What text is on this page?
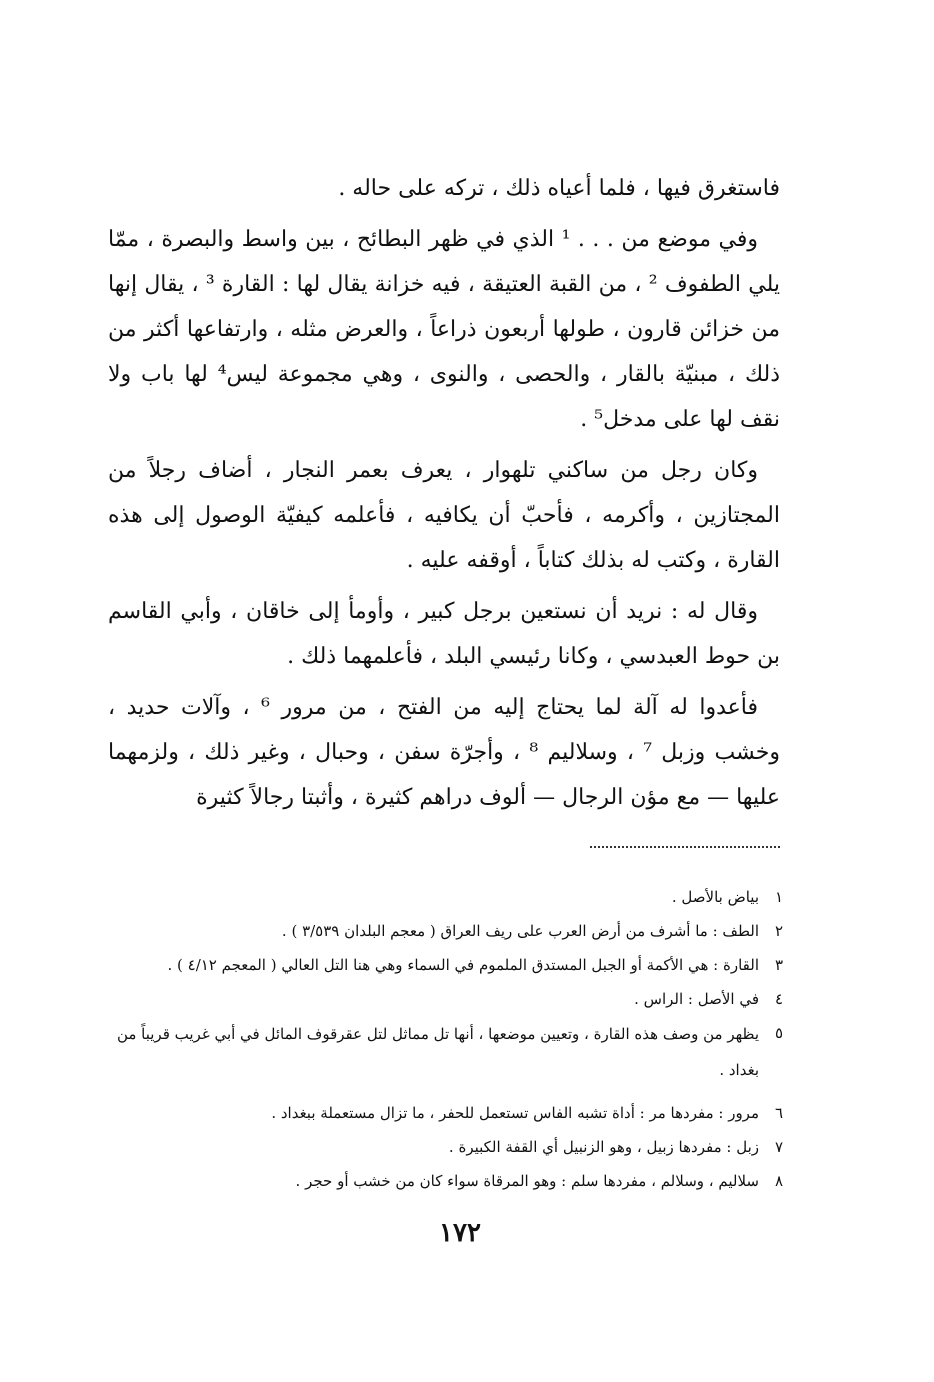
فاستغرق فيها ، فلما أعياه ذلك ، تركه على حاله .

وفي موضع من . . . ¹ الذي في ظهر البطائح ، بين واسط والبصرة ، ممّا يلي الطفوف ² ، من القبة العتيقة ، فيه خزانة يقال لها : القارة ³ ، يقال إنها من خزائن قارون ، طولها أربعون ذراعاً ، والعرض مثله ، وارتفاعها أكثر من ذلك ، مبنيّة بالقار ، والحصى ، والنوى ، وهي مجموعة ليس⁴ لها باب ولا نقف لها على مدخل⁵ .

وكان رجل من ساكني تلهوار ، يعرف بعمر النجار ، أضاف رجلاً من المجتازين ، وأكرمه ، فأحبّ أن يكافيه ، فأعلمه كيفيّة الوصول إلى هذه القارة ، وكتب له بذلك كتاباً ، أوقفه عليه .

وقال له : نريد أن نستعين برجل كبير ، وأومأ إلى خاقان ، وأبي القاسم بن حوط العبدسي ، وكانا رئيسي البلد ، فأعلمهما ذلك .

فأعدوا له آلة لما يحتاج إليه من الفتح ، من مرور ⁶ ، وآلات حديد ، وخشب وزبل ⁷ ، وسلاليم ⁸ ، وأجرّة سفن ، وحبال ، وغير ذلك ، ولزمهما عليها — مع مؤن الرجال — ألوف دراهم كثيرة ، وأثبتا رجالاً كثيرة

١
بياض بالأصل .
٢
الطف : ما أشرف من أرض العرب على ريف العراق ( معجم البلدان ٣/٥٣٩ ) .
٣
القارة : هي الأكمة أو الجبل المستدق الملموم في السماء وهي هنا التل العالي ( المعجم ٤/١٢ ) .
٤
في الأصل : الراس .
٥
يظهر من وصف هذه القارة ، وتعيين موضعها ، أنها تل مماثل لتل عقرقوف المائل في أبي غريب قريباً من بغداد .
٦
مرور : مفردها مر : أداة تشبه الفاس تستعمل للحفر ، ما تزال مستعملة ببغداد .
٧
زبل : مفردها زبيل ، وهو الزنبيل أي القفة الكبيرة .
٨
سلاليم ، وسلالم ، مفردها سلم : وهو المرقاة سواء كان من خشب أو حجر .
١٧٢
